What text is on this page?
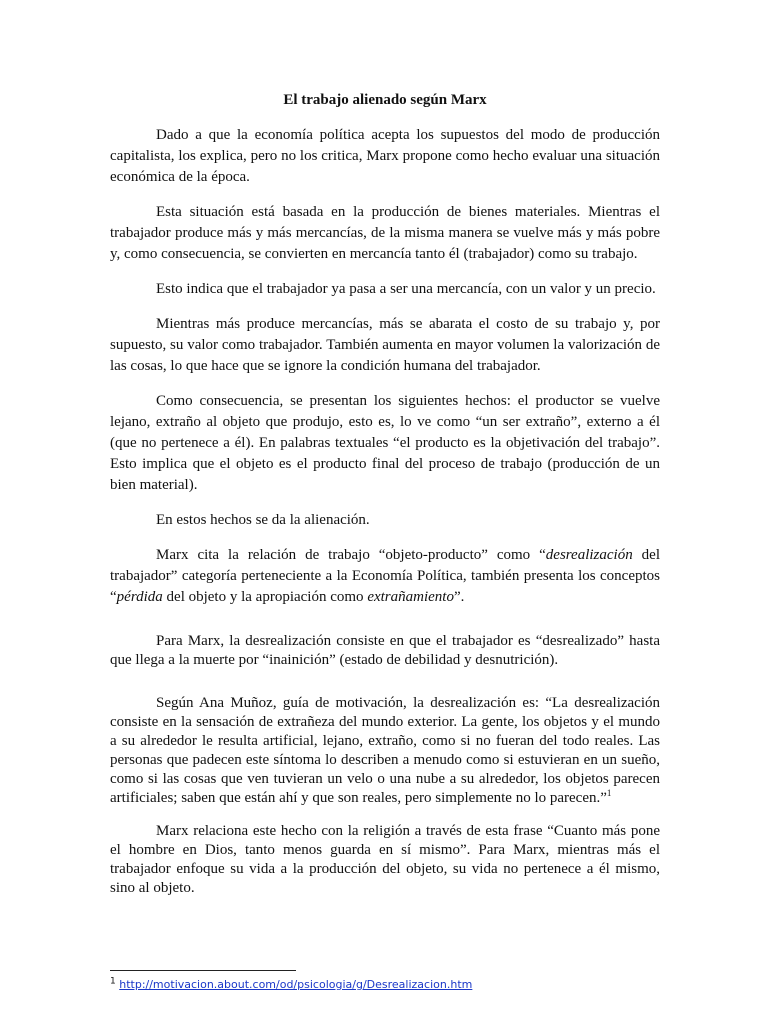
El trabajo alienado según Marx

Dado a que la economía política acepta los supuestos del modo de producción capitalista, los explica, pero no los critica, Marx propone como hecho evaluar una situación económica de la época.

Esta situación está basada en la producción de bienes materiales. Mientras el trabajador produce más y más mercancías, de la misma manera se vuelve más y más pobre y, como consecuencia, se convierten en mercancía tanto él (trabajador) como su trabajo.

Esto indica que el trabajador ya pasa a ser una mercancía, con un valor y un precio.

Mientras más produce mercancías, más se abarata el costo de su trabajo y, por supuesto, su valor como trabajador. También aumenta en mayor volumen la valorización de las cosas, lo que hace que se ignore la condición humana del trabajador.

Como consecuencia, se presentan los siguientes hechos: el productor se vuelve lejano, extraño al objeto que produjo, esto es, lo ve como “un ser extraño”, externo a él (que no pertenece a él). En palabras textuales “el producto es la objetivación del trabajo”. Esto implica que el objeto es el producto final del proceso de trabajo (producción de un bien material).

En estos hechos se da la alienación.

Marx cita la relación de trabajo “objeto-producto” como “desrealización del trabajador” categoría perteneciente a la Economía Política, también presenta los conceptos “pérdida del objeto y la apropiación como extrañamiento”.

Para Marx, la desrealización consiste en que el trabajador es “desrealizado” hasta que llega a la muerte por “inainición” (estado de debilidad y desnutrición).

Según Ana Muñoz, guía de motivación, la desrealización es: “La desrealización consiste en la sensación de extrañeza del mundo exterior. La gente, los objetos y el mundo a su alrededor le resulta artificial, lejano, extraño, como si no fueran del todo reales. Las personas que padecen este síntoma lo describen a menudo como si estuvieran en un sueño, como si las cosas que ven tuvieran un velo o una nube a su alrededor, los objetos parecen artificiales; saben que están ahí y que son reales, pero simplemente no lo parecen.”$^1$

Marx relaciona este hecho con la religión a través de esta frase “Cuanto más pone el hombre en Dios, tanto menos guarda en sí mismo”. Para Marx, mientras más el trabajador enfoque su vida a la producción del objeto, su vida no pertenece a él mismo, sino al objeto.

$^1$ http://motivacion.about.com/od/psicologia/g/Desrealizacion.htm
